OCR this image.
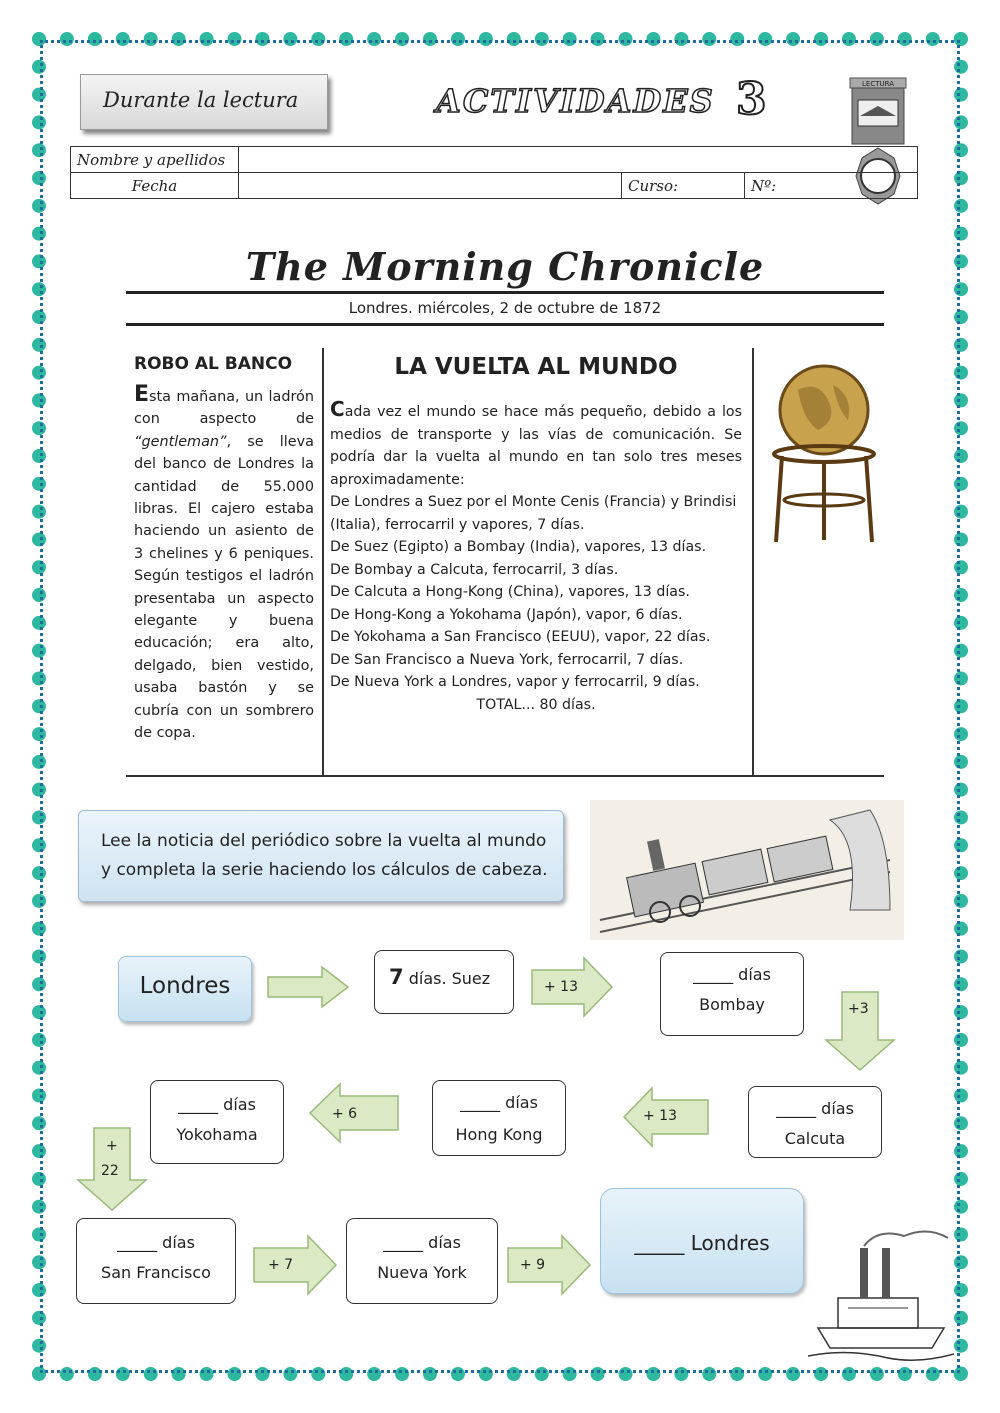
Durante la lectura	ACTIVIDADES 3	LECTURA
Nombre y apellidos			
Fecha		Curso:	Nº:
The Morning Chronicle
Londres. miércoles, 2 de octubre de 1872
ROBO AL BANCO
Esta mañana, un ladrón con aspecto de “gentleman”, se lleva del banco de Londres la cantidad de 55.000 libras. El cajero estaba haciendo un asiento de 3 chelines y 6 peniques. Según testigos el ladrón presentaba un aspecto elegante y buena educación; era alto, delgado, bien vestido, usaba bastón y se cubría con un sombrero de copa.
LA VUELTA AL MUNDO

Cada vez el mundo se hace más pequeño, debido a los medios de transporte y las vías de comunicación. Se podría dar la vuelta al mundo en tan solo tres meses aproximadamente:

De Londres a Suez por el Monte Cenis (Francia) y Brindisi (Italia), ferrocarril y vapores, 7 días.

De Suez (Egipto) a Bombay (India), vapores, 13 días.

De Bombay a Calcuta, ferrocarril, 3 días.

De Calcuta a Hong-Kong (China), vapores, 13 días.

De Hong-Kong a Yokohama (Japón), vapor, 6 días.

De Yokohama a San Francisco (EEUU), vapor, 22 días.

De San Francisco a Nueva York, ferrocarril, 7 días.

De Nueva York a Londres, vapor y ferrocarril, 9 días.

TOTAL... 80 días.

Lee la noticia del periódico sobre la vuelta al mundo y completa la serie haciendo los cálculos de cabeza.
Londres	7 días. Suez	+ 13
_____ días
Bombay	+3
_____ días
Calcuta
+ 13
_____ días
Hong Kong
+ 6
_____ días
Yokohama
+
22
_____ días
San Francisco	+ 7
_____ días
Nueva York	+ 9
_____ Londres
